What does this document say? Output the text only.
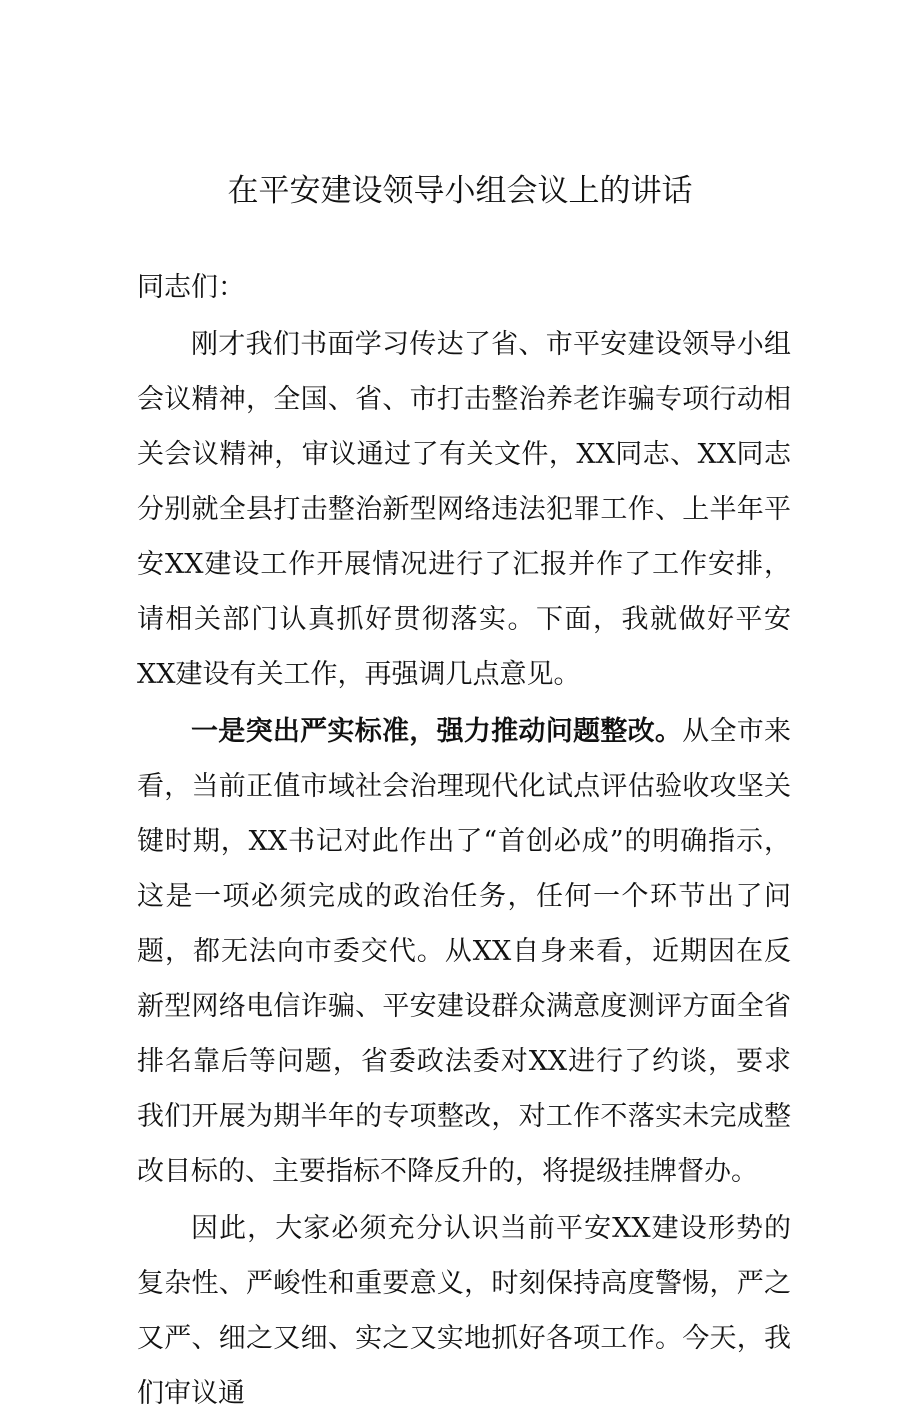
在平安建设领导小组会议上的讲话

同志们：

刚才我们书面学习传达了省、市平安建设领导小组会议精神，全国、省、市打击整治养老诈骗专项行动相关会议精神，审议通过了有关文件，XX同志、XX同志分别就全县打击整治新型网络违法犯罪工作、上半年平安XX建设工作开展情况进行了汇报并作了工作安排，请相关部门认真抓好贯彻落实。下面，我就做好平安XX建设有关工作，再强调几点意见。

一是突出严实标准，强力推动问题整改。从全市来看，当前正值市域社会治理现代化试点评估验收攻坚关键时期，XX书记对此作出了“首创必成”的明确指示，这是一项必须完成的政治任务，任何一个环节出了问题，都无法向市委交代。从XX自身来看，近期因在反新型网络电信诈骗、平安建设群众满意度测评方面全省排名靠后等问题，省委政法委对XX进行了约谈，要求我们开展为期半年的专项整改，对工作不落实未完成整改目标的、主要指标不降反升的，将提级挂牌督办。

因此，大家必须充分认识当前平安XX建设形势的复杂性、严峻性和重要意义，时刻保持高度警惕，严之又严、细之又细、实之又实地抓好各项工作。今天，我们审议通
